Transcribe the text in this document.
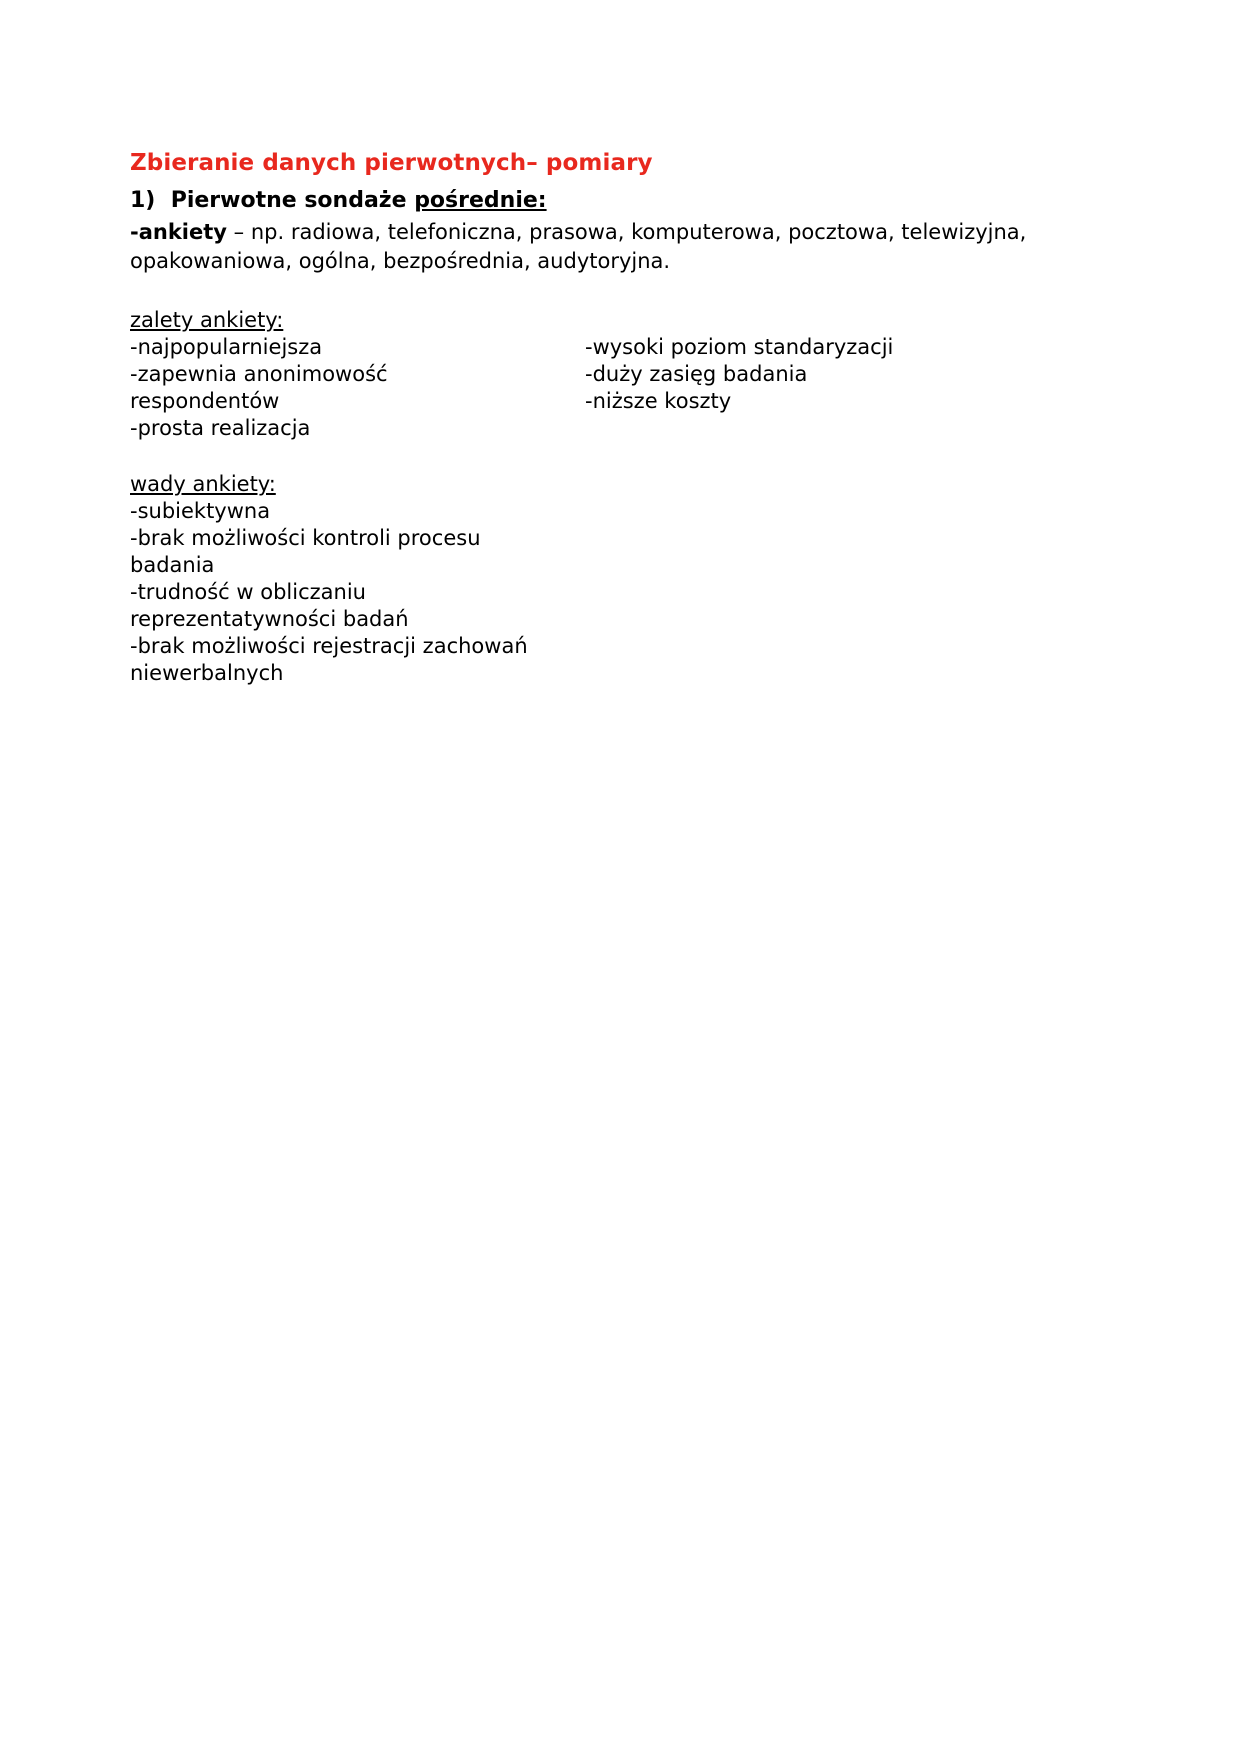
Zbieranie danych pierwotnych– pomiary

1) Pierwotne sondaże pośrednie:

-ankiety – np. radiowa, telefoniczna, prasowa, komputerowa, pocztowa, telewizyjna, opakowaniowa, ogólna, bezpośrednia, audytoryjna.

zalety ankiety:

-najpopularniejsza

-zapewnia anonimowość
respondentów

-prosta realizacja

-wysoki poziom standaryzacji

-duży zasięg badania

-niższe koszty

wady ankiety:

-subiektywna

-brak możliwości kontroli procesu
badania

-trudność w obliczaniu
reprezentatywności badań

-brak możliwości rejestracji zachowań
niewerbalnych
